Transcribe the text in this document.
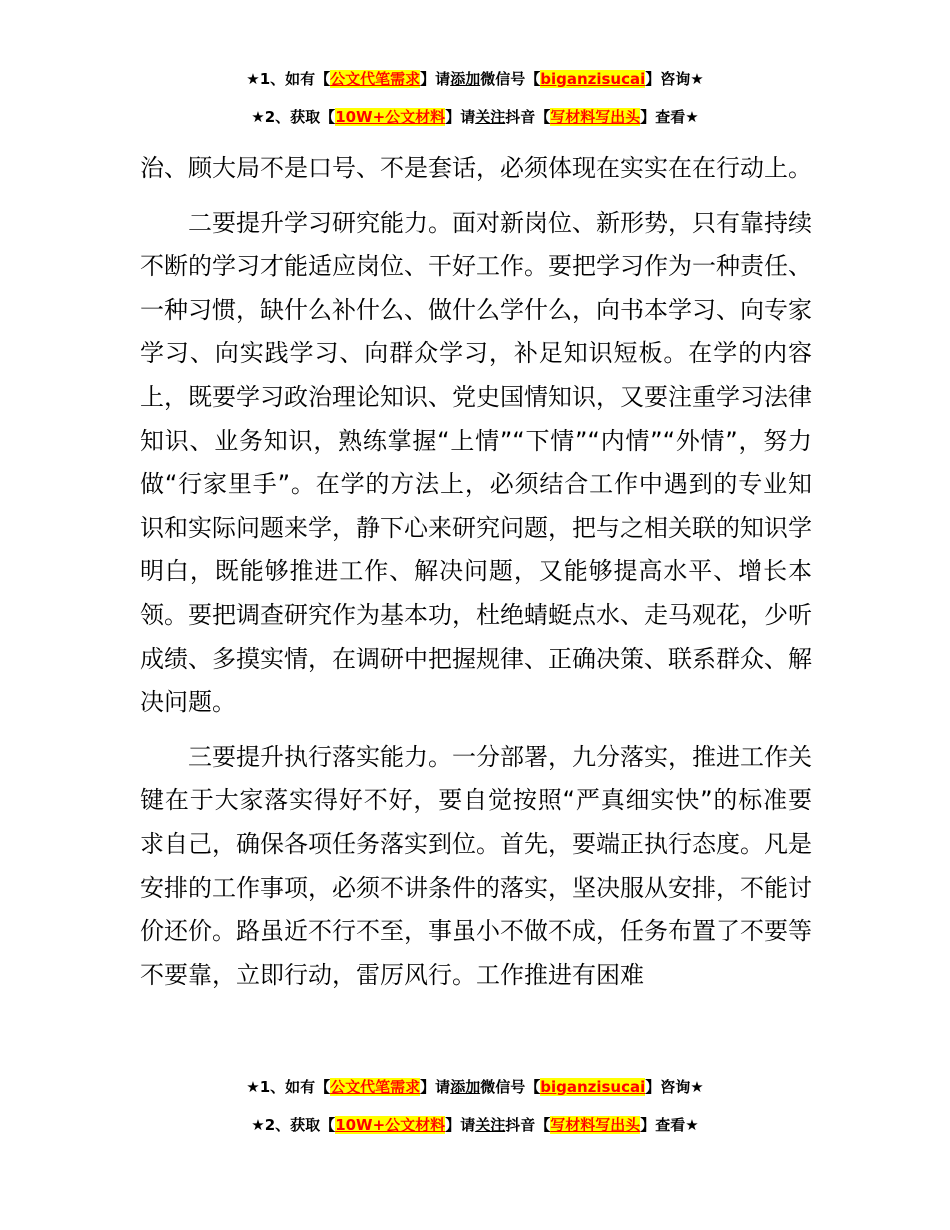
★1、如有【公文代笔需求】请添加微信号【biganzisucai】咨询★
★2、获取【10W+公文材料】请关注抖音【写材料写出头】查看★

治、顾大局不是口号、不是套话，必须体现在实实在在行动上。

二要提升学习研究能力。面对新岗位、新形势，只有靠持续不断的学习才能适应岗位、干好工作。要把学习作为一种责任、一种习惯，缺什么补什么、做什么学什么，向书本学习、向专家学习、向实践学习、向群众学习，补足知识短板。在学的内容上，既要学习政治理论知识、党史国情知识，又要注重学习法律知识、业务知识，熟练掌握“上情”“下情”“内情”“外情”，努力做“行家里手”。在学的方法上，必须结合工作中遇到的专业知识和实际问题来学，静下心来研究问题，把与之相关联的知识学明白，既能够推进工作、解决问题，又能够提高水平、增长本领。要把调查研究作为基本功，杜绝蜻蜓点水、走马观花，少听成绩、多摸实情，在调研中把握规律、正确决策、联系群众、解决问题。

三要提升执行落实能力。一分部署，九分落实，推进工作关键在于大家落实得好不好，要自觉按照“严真细实快”的标准要求自己，确保各项任务落实到位。首先，要端正执行态度。凡是安排的工作事项，必须不讲条件的落实，坚决服从安排，不能讨价还价。路虽近不行不至，事虽小不做不成，任务布置了不要等不要靠，立即行动，雷厉风行。工作推进有困难

★1、如有【公文代笔需求】请添加微信号【biganzisucai】咨询★
★2、获取【10W+公文材料】请关注抖音【写材料写出头】查看★
